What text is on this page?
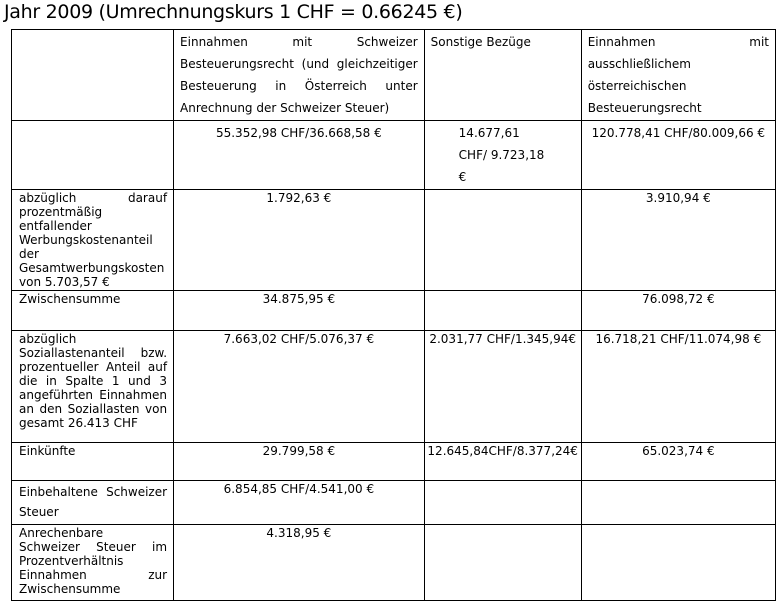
Jahr 2009 (Umrechnungskurs 1 CHF = 0.66245 €)
	Einnahmen mit Schweizer Besteuerungsrecht (und gleichzeitiger Besteuerung in Österreich unter Anrechnung der Schweizer Steuer)	Sonstige Bezüge	Einnahmen mit ausschließlichem österreichischen Besteuerungsrecht
	55.352,98 CHF/36.668,58 €	14.677,61 CHF/ 9.723,18 €	120.778,41 CHF/80.009,66 €
abzüglich darauf prozentmäßig entfallender Werbungskostenanteil der Gesamtwerbungskosten von 5.703,57 €	1.792,63 €		3.910,94 €
Zwischensumme	34.875,95 €		76.098,72 €
abzüglich Soziallastenanteil bzw. prozentueller Anteil auf die in Spalte 1 und 3 angeführten Einnahmen an den Soziallasten von gesamt 26.413 CHF	7.663,02 CHF/5.076,37 €	2.031,77 CHF/1.345,94€	16.718,21 CHF/11.074,98 €
Einkünfte	29.799,58 €	12.645,84CHF/8.377,24€	65.023,74 €
Einbehaltene Schweizer Steuer	6.854,85 CHF/4.541,00 €		
Anrechenbare Schweizer Steuer im Prozentverhältnis Einnahmen zur Zwischensumme	4.318,95 €		
